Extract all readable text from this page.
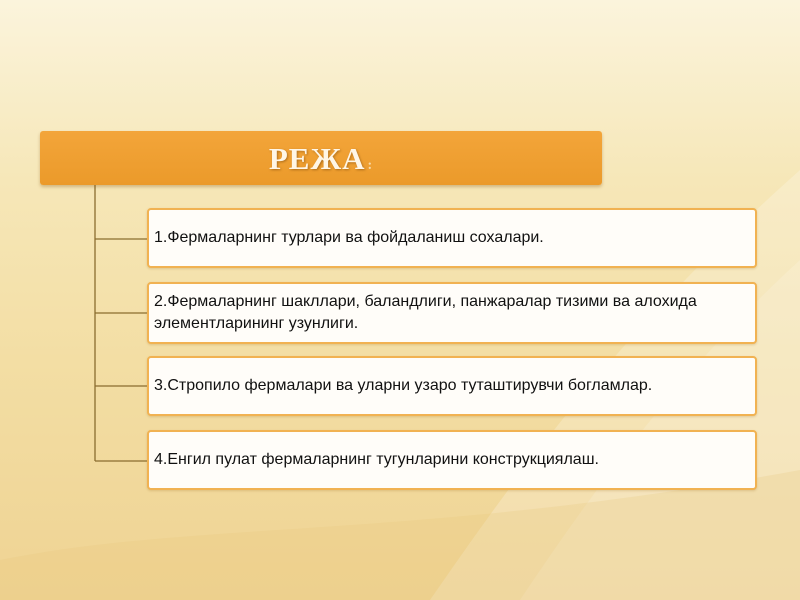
РЕЖА :
1.Фермаларнинг турлари ва фойдаланиш сохалари.
2.Фермаларнинг шакллари, баландлиги, панжаралар тизими ва алохида элементларининг узунлиги.
3.Стропило фермалари ва уларни узаро туташтирувчи богламлар.
4.Енгил пулат фермаларнинг тугунларини конструкциялаш.
